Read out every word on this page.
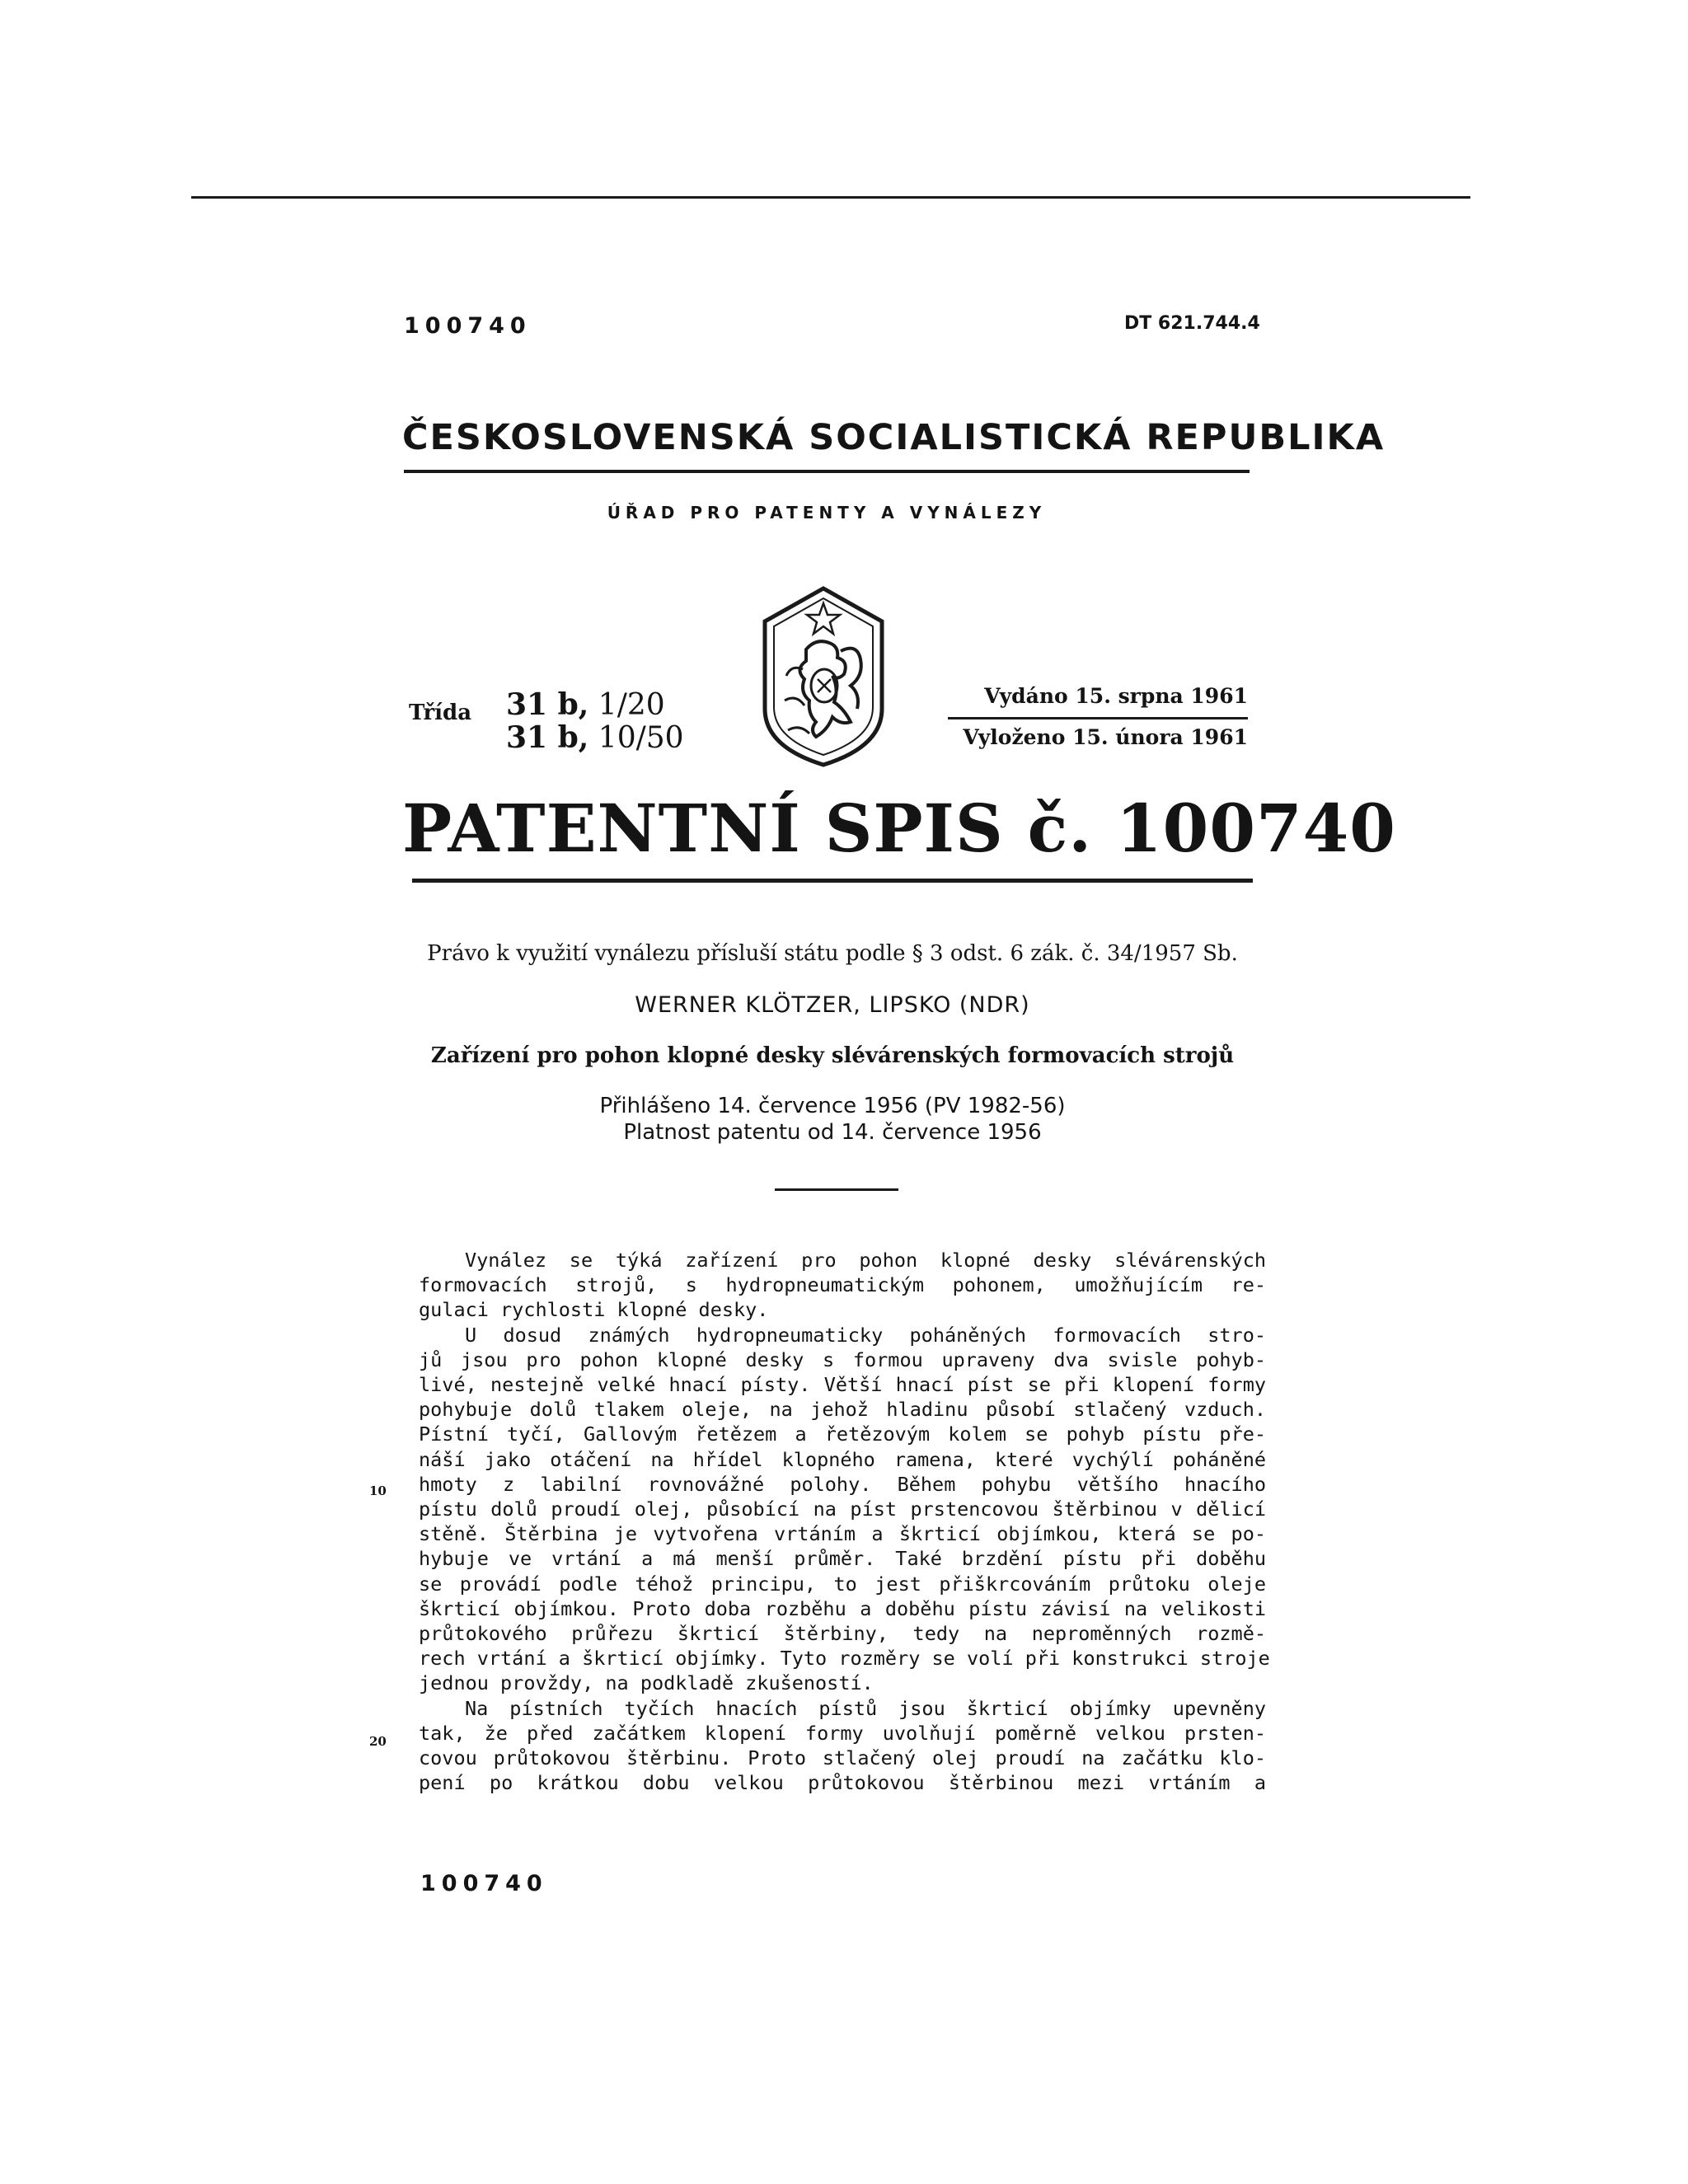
100740	DT 621.744.4
ČESKOSLOVENSKÁ SOCIALISTICKÁ REPUBLIKA
ÚŘAD PRO PATENTY A VYNÁLEZY
Třída 31 b, 1/20
31 b, 10/50
Vydáno 15. srpna 1961
Vyloženo 15. února 1961
PATENTNÍ SPIS č. 100740
Právo k využití vynálezu přísluší státu podle § 3 odst. 6 zák. č. 34/1957 Sb.
WERNER KLÖTZER, LIPSKO (NDR)
Zařízení pro pohon klopné desky slévárenských formovacích strojů
Přihlášeno 14. července 1956 (PV 1982-56)
Platnost patentu od 14. července 1956
Vynález se týká zařízení pro pohon klopné desky slévárenských
formovacích strojů, s hydropneumatickým pohonem, umožňujícím re-
gulaci rychlosti klopné desky.
U dosud známých hydropneumaticky poháněných formovacích stro-
jů jsou pro pohon klopné desky s formou upraveny dva svisle pohyb-
livé, nestejně velké hnací písty. Větší hnací píst se při klopení formy
pohybuje dolů tlakem oleje, na jehož hladinu působí stlačený vzduch.
Pístní tyčí, Gallovým řetězem a řetězovým kolem se pohyb pístu pře-
náší jako otáčení na hřídel klopného ramena, které vychýlí poháněné
hmoty z labilní rovnovážné polohy. Během pohybu většího hnacího
pístu dolů proudí olej, působící na píst prstencovou štěrbinou v dělicí
stěně. Štěrbina je vytvořena vrtáním a škrticí objímkou, která se po-
hybuje ve vrtání a má menší průměr. Také brzdění pístu při doběhu
se provádí podle téhož principu, to jest přiškrcováním průtoku oleje
škrticí objímkou. Proto doba rozběhu a doběhu pístu závisí na velikosti
průtokového průřezu škrticí štěrbiny, tedy na neproměnných rozmě-
rech vrtání a škrticí objímky. Tyto rozměry se volí při konstrukci stroje
jednou provždy, na podkladě zkušeností.
Na pístních tyčích hnacích pístů jsou škrticí objímky upevněny
tak, že před začátkem klopení formy uvolňují poměrně velkou prsten-
covou průtokovou štěrbinu. Proto stlačený olej proudí na začátku klo-
pení po krátkou dobu velkou průtokovou štěrbinou mezi vrtáním a
10
20
100740
